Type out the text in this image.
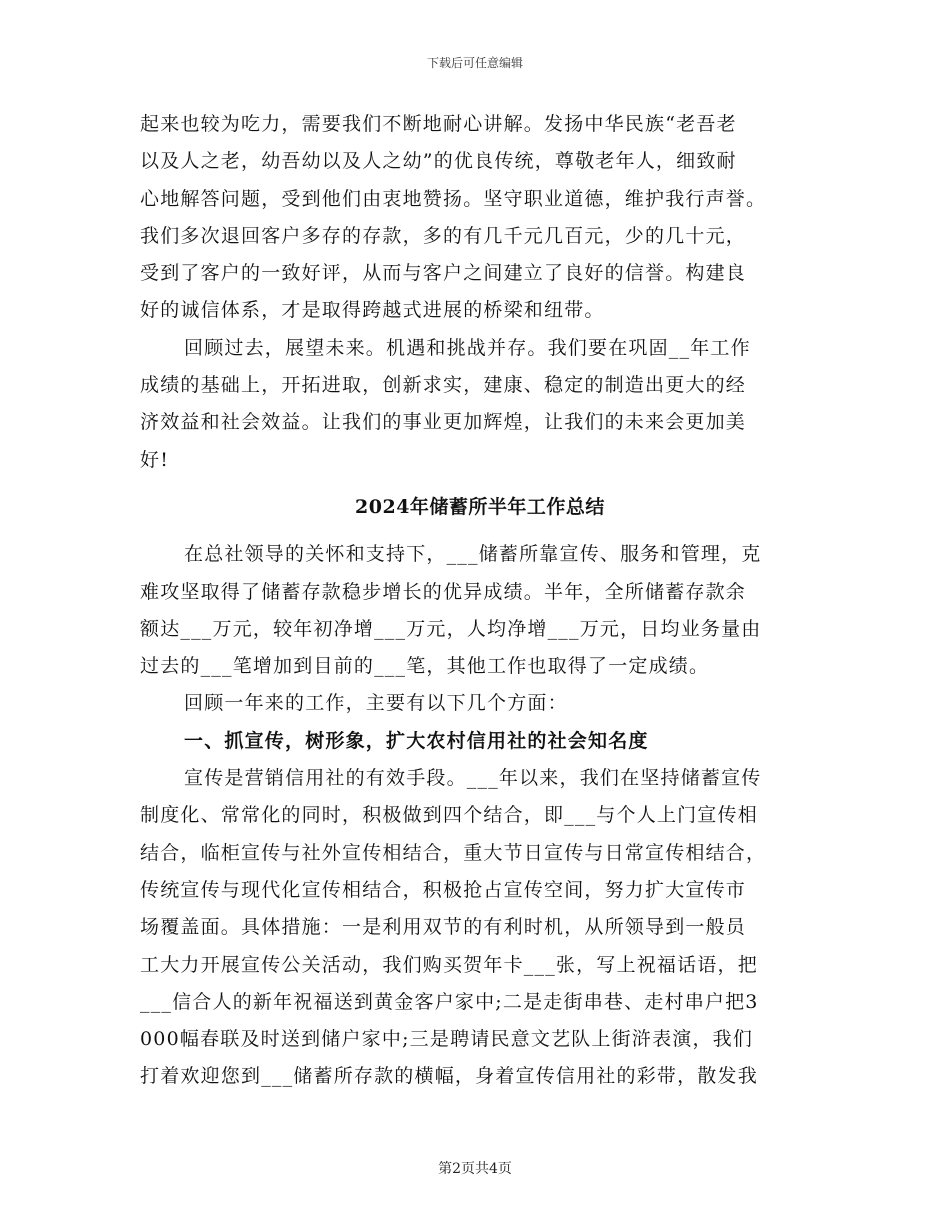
下载后可任意编辑
起来也较为吃力，需要我们不断地耐心讲解。发扬中华民族“老吾老
以及人之老，幼吾幼以及人之幼”的优良传统，尊敬老年人，细致耐
心地解答问题，受到他们由衷地赞扬。坚守职业道德，维护我行声誉。
我们多次退回客户多存的存款，多的有几千元几百元，少的几十元，
受到了客户的一致好评，从而与客户之间建立了良好的信誉。构建良
好的诚信体系，才是取得跨越式进展的桥梁和纽带。
回顾过去，展望未来。机遇和挑战并存。我们要在巩固__年工作
成绩的基础上，开拓进取，创新求实，建康、稳定的制造出更大的经
济效益和社会效益。让我们的事业更加辉煌，让我们的未来会更加美
好!
2024年储蓄所半年工作总结
在总社领导的关怀和支持下，___储蓄所靠宣传、服务和管理，克
难攻坚取得了储蓄存款稳步增长的优异成绩。半年，全所储蓄存款余
额达___万元，较年初净增___万元，人均净增___万元，日均业务量由
过去的___笔增加到目前的___笔，其他工作也取得了一定成绩。
回顾一年来的工作，主要有以下几个方面：
一、抓宣传，树形象，扩大农村信用社的社会知名度
宣传是营销信用社的有效手段。___年以来，我们在坚持储蓄宣传
制度化、常常化的同时，积极做到四个结合，即___与个人上门宣传相
结合，临柜宣传与社外宣传相结合，重大节日宣传与日常宣传相结合，
传统宣传与现代化宣传相结合，积极抢占宣传空间，努力扩大宣传市
场覆盖面。具体措施：一是利用双节的有利时机，从所领导到一般员
工大力开展宣传公关活动，我们购买贺年卡___张，写上祝福话语，把
___信合人的新年祝福送到黄金客户家中;二是走街串巷、走村串户把3
000幅春联及时送到储户家中;三是聘请民意文艺队上街浒表演，我们
打着欢迎您到___储蓄所存款的横幅，身着宣传信用社的彩带，散发我
第2页共4页
